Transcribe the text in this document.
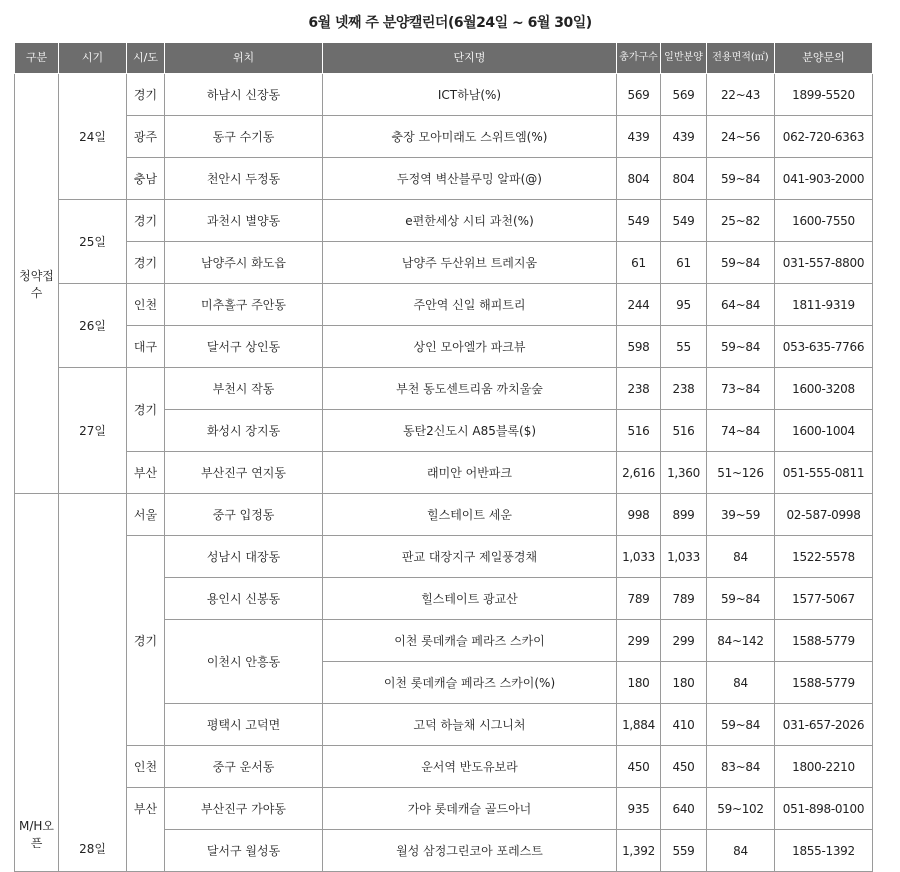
6월 넷째 주 분양캘린더(6월24일 ~ 6월 30일)
구분	시기	시/도	위치	단지명	총가구수	일반분양	전용면적(㎡)	분양문의
청약접수	24일	경기	하남시 신장동	ICT하남(%)	569	569	22~43	1899-5520
		광주	동구 수기동	충장 모아미래도 스위트엠(%)	439	439	24~56	062-720-6363
		충남	천안시 두정동	두정역 벽산블루밍 알파(@)	804	804	59~84	041-903-2000
	25일	경기	과천시 별양동	e편한세상 시티 과천(%)	549	549	25~82	1600-7550
		경기	남양주시 화도읍	남양주 두산위브 트레지움	61	61	59~84	031-557-8800
	26일	인천	미추홀구 주안동	주안역 신일 해피트리	244	95	64~84	1811-9319
		대구	달서구 상인동	상인 모아엘가 파크뷰	598	55	59~84	053-635-7766
	27일	경기	부천시 작동	부천 동도센트리움 까치울숲	238	238	73~84	1600-3208
			화성시 장지동	동탄2신도시 A85블록($)	516	516	74~84	1600-1004
		부산	부산진구 연지동	래미안 어반파크	2,616	1,360	51~126	051-555-0811
M/H오픈	28일	서울	중구 입정동	힐스테이트 세운	998	899	39~59	02-587-0998
		경기	성남시 대장동	판교 대장지구 제일풍경채	1,033	1,033	84	1522-5578
			용인시 신봉동	힐스테이트 광교산	789	789	59~84	1577-5067
			이천시 안흥동	이천 롯데캐슬 페라즈 스카이	299	299	84~142	1588-5779
				이천 롯데캐슬 페라즈 스카이(%)	180	180	84	1588-5779
			평택시 고덕면	고덕 하늘채 시그니처	1,884	410	59~84	031-657-2026
		인천	중구 운서동	운서역 반도유보라	450	450	83~84	1800-2210
		부산	부산진구 가야동	가야 롯데캐슬 골드아너	935	640	59~102	051-898-0100
			달서구 월성동	월성 삼정그린코아 포레스트	1,392	559	84	1855-1392
